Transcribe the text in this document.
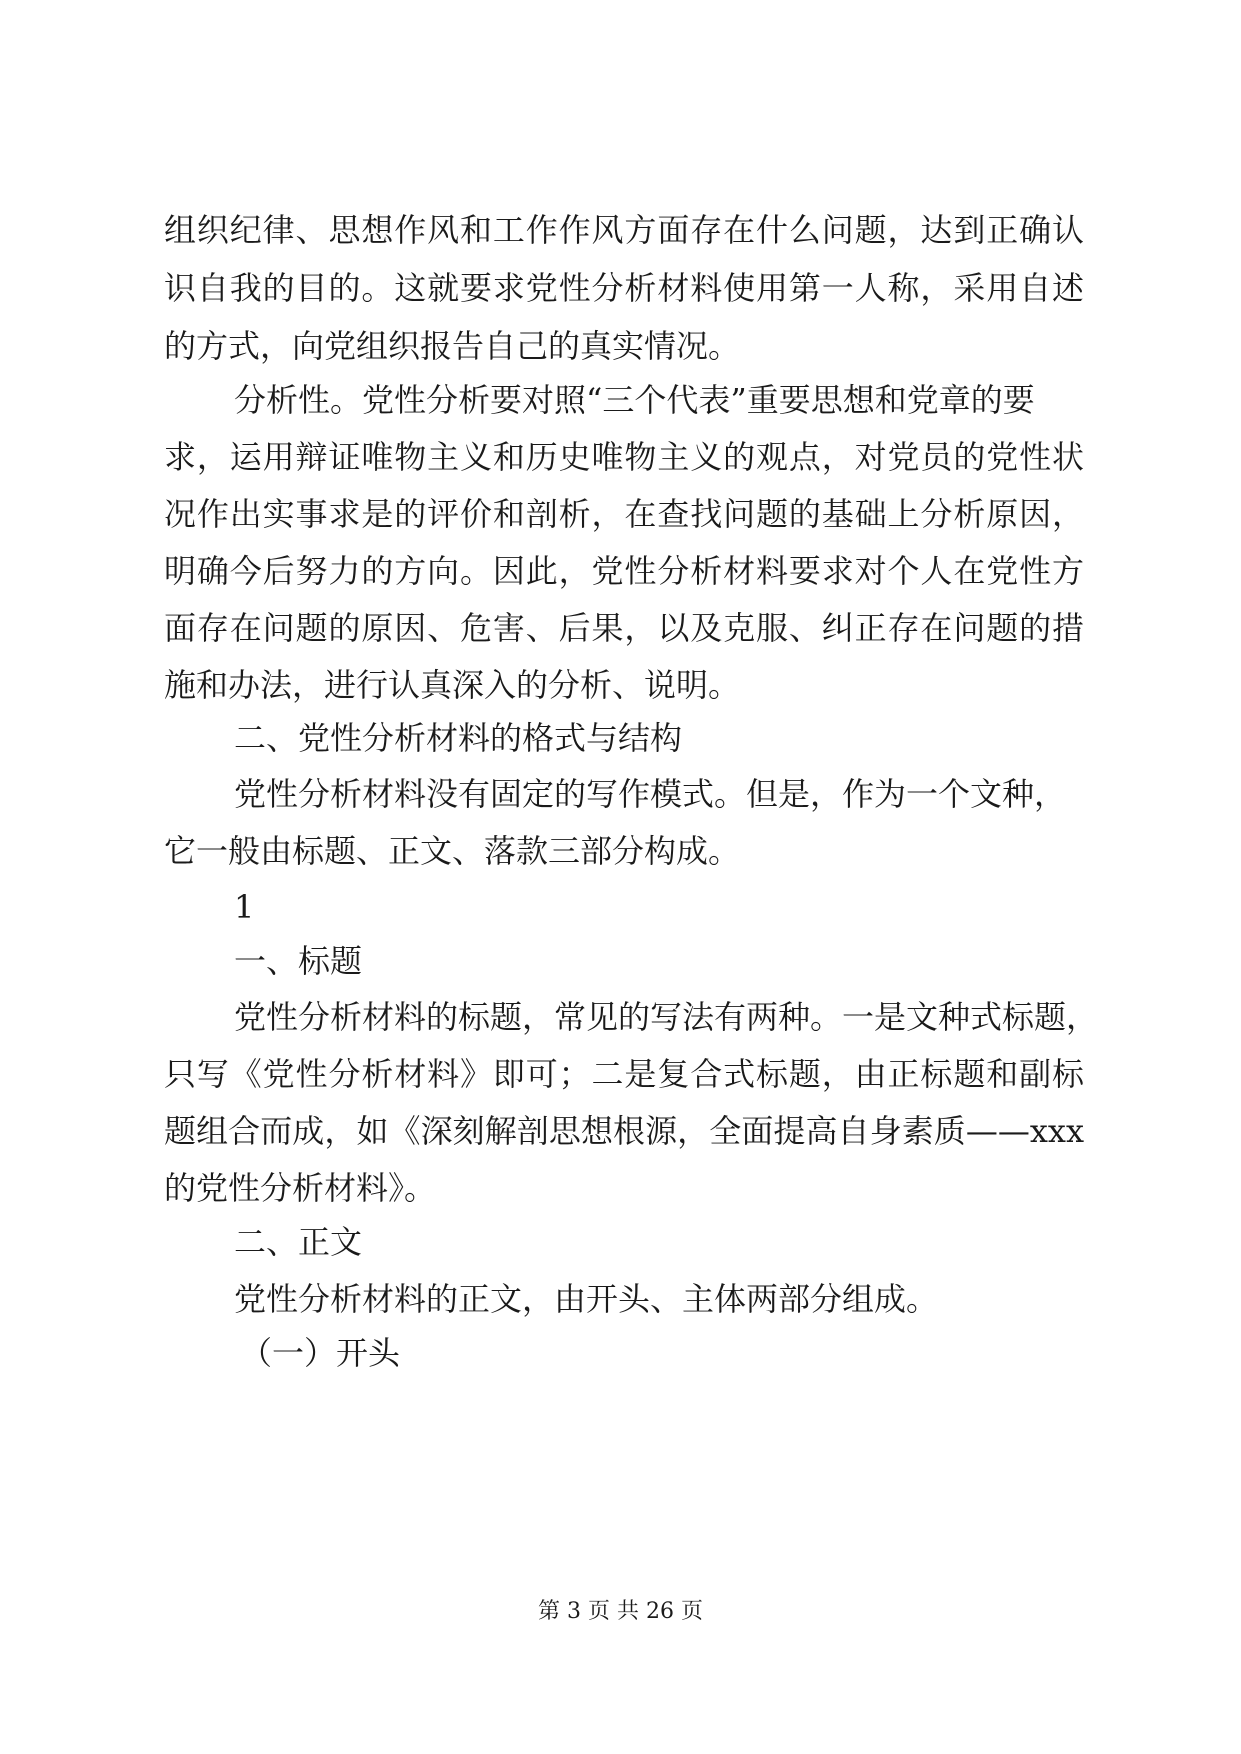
组织纪律、思想作风和工作作风方面存在什么问题，达到正确认

识自我的目的。这就要求党性分析材料使用第一人称，采用自述

的方式，向党组织报告自己的真实情况。

分析性。党性分析要对照“三个代表”重要思想和党章的要

求，运用辩证唯物主义和历史唯物主义的观点，对党员的党性状

况作出实事求是的评价和剖析，在查找问题的基础上分析原因，

明确今后努力的方向。因此，党性分析材料要求对个人在党性方

面存在问题的原因、危害、后果，以及克服、纠正存在问题的措

施和办法，进行认真深入的分析、说明。

二、党性分析材料的格式与结构

党性分析材料没有固定的写作模式。但是，作为一个文种，

它一般由标题、正文、落款三部分构成。

1

一、标题

党性分析材料的标题，常见的写法有两种。一是文种式标题，

只写《党性分析材料》即可；二是复合式标题，由正标题和副标

题组合而成，如《深刻解剖思想根源，全面提高自身素质——xxx

的党性分析材料》。

二、正文

党性分析材料的正文，由开头、主体两部分组成。

（一）开头

第 3 页 共 26 页
